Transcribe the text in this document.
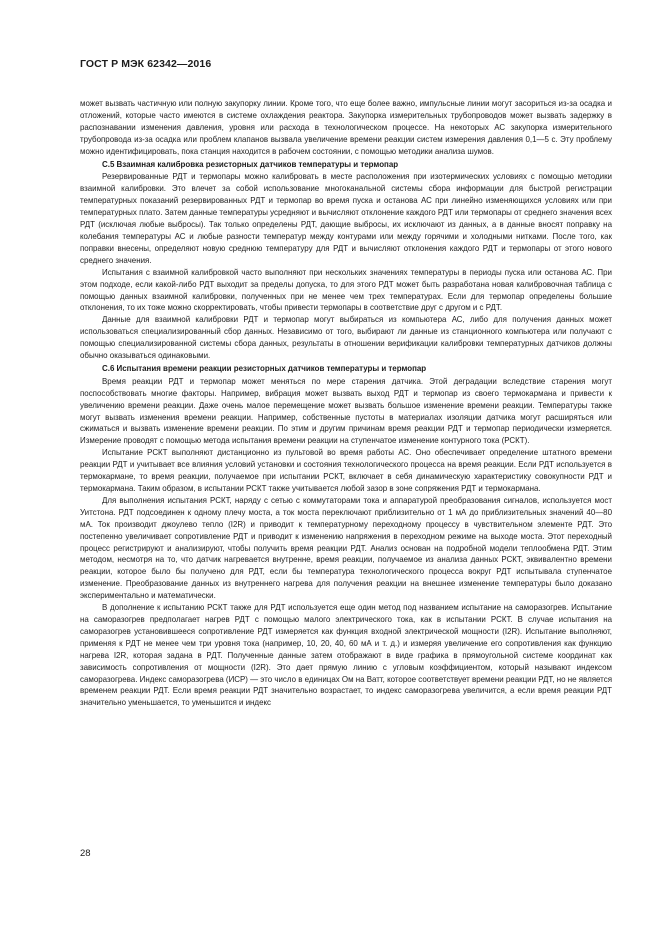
ГОСТ Р МЭК 62342—2016

может вызвать частичную или полную закупорку линии. Кроме того, что еще более важно, импульсные линии могут засориться из-за осадка и отложений, которые часто имеются в системе охлаждения реактора. Закупорка измерительных трубопроводов может вызвать задержку в распознавании изменения давления, уровня или расхода в технологическом процессе. На некоторых АС закупорка измерительного трубопровода из-за осадка или проблем клапанов вызвала увеличение времени реакции систем измерения давления 0,1—5 с. Эту проблему можно идентифицировать, пока станция находится в рабочем состоянии, с помощью методики анализа шумов.

С.5 Взаимная калибровка резисторных датчиков температуры и термопар

Резервированные РДТ и термопары можно калибровать в месте расположения при изотермических условиях с помощью методики взаимной калибровки. Это влечет за собой использование многоканальной системы сбора информации для быстрой регистрации температурных показаний резервированных РДТ и термопар во время пуска и останова АС при линейно изменяющихся условиях или при температурных плато. Затем данные температуры усредняют и вычисляют отклонение каждого РДТ или термопары от среднего значения всех РДТ (исключая любые выбросы). Так только определены РДТ, дающие выбросы, их исключают из данных, а в данные вносят поправку на колебания температуры АС и любые разности температур между контурами или между горячими и холодными нитками. После того, как поправки внесены, определяют новую среднюю температуру для РДТ и вычисляют отклонения каждого РДТ и термопары от этого нового среднего значения.

Испытания с взаимной калибровкой часто выполняют при нескольких значениях температуры в периоды пуска или останова АС. При этом подходе, если какой-либо РДТ выходит за пределы допуска, то для этого РДТ может быть разработана новая калибровочная таблица с помощью данных взаимной калибровки, полученных при не менее чем трех температурах. Если для термопар определены большие отклонения, то их тоже можно скорректировать, чтобы привести термопары в соответствие друг с другом и с РДТ.

Данные для взаимной калибровки РДТ и термопар могут выбираться из компьютера АС, либо для получения данных может использоваться специализированный сбор данных. Независимо от того, выбирают ли данные из станционного компьютера или получают с помощью специализированной системы сбора данных, результаты в отношении верификации калибровки температурных датчиков должны обычно оказываться одинаковыми.

С.6 Испытания времени реакции резисторных датчиков температуры и термопар

Время реакции РДТ и термопар может меняться по мере старения датчика. Этой деградации вследствие старения могут поспособствовать многие факторы. Например, вибрация может вызвать выход РДТ и термопар из своего термокармана и привести к увеличению времени реакции. Даже очень малое перемещение может вызвать большое изменение времени реакции. Температуры также могут вызвать изменения времени реакции. Например, собственные пустоты в материалах изоляции датчика могут расширяться или сжиматься и вызвать изменение времени реакции. По этим и другим причинам время реакции РДТ и термопар периодически измеряется. Измерение проводят с помощью метода испытания времени реакции на ступенчатое изменение контурного тока (РСКТ).

Испытание РСКТ выполняют дистанционно из пультовой во время работы АС. Оно обеспечивает определение штатного времени реакции РДТ и учитывает все влияния условий установки и состояния технологического процесса на время реакции. Если РДТ используется в термокармане, то время реакции, получаемое при испытании РСКТ, включает в себя динамическую характеристику совокупности РДТ и термокармана. Таким образом, в испытании РСКТ также учитывается любой зазор в зоне сопряжения РДТ и термокармана.

Для выполнения испытания РСКТ, наряду с сетью с коммутаторами тока и аппаратурой преобразования сигналов, используется мост Уитстона. РДТ подсоединен к одному плечу моста, а ток моста переключают приблизительно от 1 мА до приблизительных значений 40—80 мА. Ток производит джоулево тепло (I2R) и приводит к температурному переходному процессу в чувствительном элементе РДТ. Это постепенно увеличивает сопротивление РДТ и приводит к изменению напряжения в переходном режиме на выходе моста. Этот переходный процесс регистрируют и анализируют, чтобы получить время реакции РДТ. Анализ основан на подробной модели теплообмена РДТ. Этим методом, несмотря на то, что датчик нагревается внутренне, время реакции, получаемое из анализа данных РСКТ, эквивалентно времени реакции, которое было бы получено для РДТ, если бы температура технологического процесса вокруг РДТ испытывала ступенчатое изменение. Преобразование данных из внутреннего нагрева для получения реакции на внешнее изменение температуры было доказано экспериментально и математически.

В дополнение к испытанию РСКТ также для РДТ используется еще один метод под названием испытание на саморазогрев. Испытание на саморазогрев предполагает нагрев РДТ с помощью малого электрического тока, как в испытании РСКТ. В случае испытания на саморазогрев установившееся сопротивление РДТ измеряется как функция входной электрической мощности (I2R). Испытание выполняют, применяя к РДТ не менее чем три уровня тока (например, 10, 20, 40, 60 мА и т. д.) и измеряя увеличение его сопротивления как функцию нагрева I2R, которая задана в РДТ. Полученные данные затем отображают в виде графика в прямоугольной системе координат как зависимость сопротивления от мощности (I2R). Это дает прямую линию с угловым коэффициентом, который называют индексом саморазогрева. Индекс саморазогрева (ИСР) — это число в единицах Ом на Ватт, которое соответствует времени реакции РДТ, но не является временем реакции РДТ. Если время реакции РДТ значительно возрастает, то индекс саморазогрева увеличится, а если время реакции РДТ значительно уменьшается, то уменьшится и индекс

28
